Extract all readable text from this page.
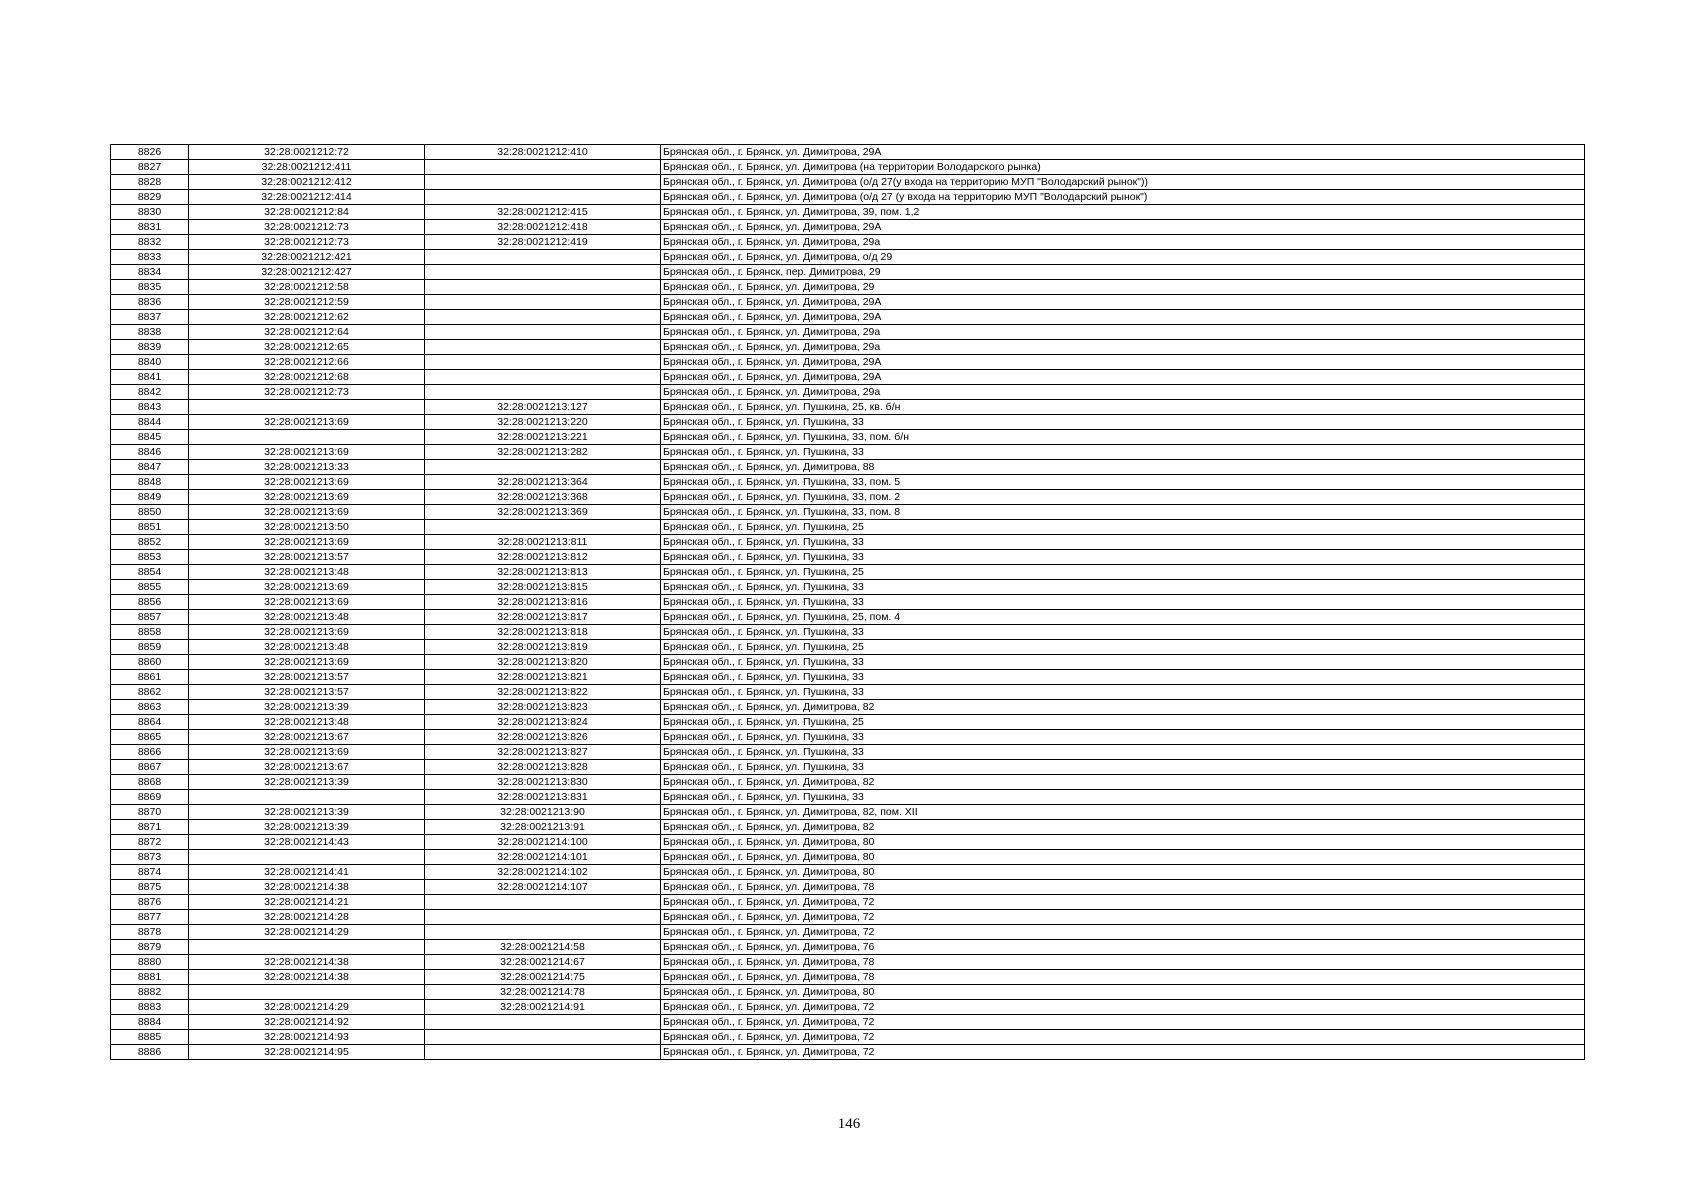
8826	32:28:0021212:72	32:28:0021212:410	Брянская обл., г. Брянск, ул. Димитрова, 29А
8827	32:28:0021212:411		Брянская обл., г. Брянск, ул. Димитрова (на территории Володарского рынка)
8828	32:28:0021212:412		Брянская обл., г. Брянск, ул. Димитрова (о/д 27(у входа на территорию МУП "Володарский рынок"))
8829	32:28:0021212:414		Брянская обл., г. Брянск, ул. Димитрова (о/д 27 (у входа на территорию МУП "Володарский рынок")
8830	32:28:0021212:84	32:28:0021212:415	Брянская обл., г. Брянск, ул. Димитрова, 39, пом. 1,2
8831	32:28:0021212:73	32:28:0021212:418	Брянская обл., г. Брянск, ул. Димитрова, 29А
8832	32:28:0021212:73	32:28:0021212:419	Брянская обл., г. Брянск, ул. Димитрова, 29а
8833	32:28:0021212:421		Брянская обл., г. Брянск, ул. Димитрова, о/д 29
8834	32:28:0021212:427		Брянская обл., г. Брянск, пер. Димитрова, 29
8835	32:28:0021212:58		Брянская обл., г. Брянск, ул. Димитрова, 29
8836	32:28:0021212:59		Брянская обл., г. Брянск, ул. Димитрова, 29А
8837	32:28:0021212:62		Брянская обл., г. Брянск, ул. Димитрова, 29А
8838	32:28:0021212:64		Брянская обл., г. Брянск, ул. Димитрова, 29а
8839	32:28:0021212:65		Брянская обл., г. Брянск, ул. Димитрова, 29а
8840	32:28:0021212:66		Брянская обл., г. Брянск, ул. Димитрова, 29А
8841	32:28:0021212:68		Брянская обл., г. Брянск, ул. Димитрова, 29А
8842	32:28:0021212:73		Брянская обл., г. Брянск, ул. Димитрова, 29а
8843		32:28:0021213:127	Брянская обл., г. Брянск, ул. Пушкина, 25, кв. б/н
8844	32:28:0021213:69	32:28:0021213:220	Брянская обл., г. Брянск, ул. Пушкина, 33
8845		32:28:0021213:221	Брянская обл., г. Брянск, ул. Пушкина, 33, пом. б/н
8846	32:28:0021213:69	32:28:0021213:282	Брянская обл., г. Брянск, ул. Пушкина, 33
8847	32:28:0021213:33		Брянская обл., г. Брянск, ул. Димитрова, 88
8848	32:28:0021213:69	32:28:0021213:364	Брянская обл., г. Брянск, ул. Пушкина, 33, пом. 5
8849	32:28:0021213:69	32:28:0021213:368	Брянская обл., г. Брянск, ул. Пушкина, 33, пом. 2
8850	32:28:0021213:69	32:28:0021213:369	Брянская обл., г. Брянск, ул. Пушкина, 33, пом. 8
8851	32:28:0021213:50		Брянская обл., г. Брянск, ул. Пушкина, 25
8852	32:28:0021213:69	32:28:0021213:811	Брянская обл., г. Брянск, ул. Пушкина, 33
8853	32:28:0021213:57	32:28:0021213:812	Брянская обл., г. Брянск, ул. Пушкина, 33
8854	32:28:0021213:48	32:28:0021213:813	Брянская обл., г. Брянск, ул. Пушкина, 25
8855	32:28:0021213:69	32:28:0021213:815	Брянская обл., г. Брянск, ул. Пушкина, 33
8856	32:28:0021213:69	32:28:0021213:816	Брянская обл., г. Брянск, ул. Пушкина, 33
8857	32:28:0021213:48	32:28:0021213:817	Брянская обл., г. Брянск, ул. Пушкина, 25, пом. 4
8858	32:28:0021213:69	32:28:0021213:818	Брянская обл., г. Брянск, ул. Пушкина, 33
8859	32:28:0021213:48	32:28:0021213:819	Брянская обл., г. Брянск, ул. Пушкина, 25
8860	32:28:0021213:69	32:28:0021213:820	Брянская обл., г. Брянск, ул. Пушкина, 33
8861	32:28:0021213:57	32:28:0021213:821	Брянская обл., г. Брянск, ул. Пушкина, 33
8862	32:28:0021213:57	32:28:0021213:822	Брянская обл., г. Брянск, ул. Пушкина, 33
8863	32:28:0021213:39	32:28:0021213:823	Брянская обл., г. Брянск, ул. Димитрова, 82
8864	32:28:0021213:48	32:28:0021213:824	Брянская обл., г. Брянск, ул. Пушкина, 25
8865	32:28:0021213:67	32:28:0021213:826	Брянская обл., г. Брянск, ул. Пушкина, 33
8866	32:28:0021213:69	32:28:0021213:827	Брянская обл., г. Брянск, ул. Пушкина, 33
8867	32:28:0021213:67	32:28:0021213:828	Брянская обл., г. Брянск, ул. Пушкина, 33
8868	32:28:0021213:39	32:28:0021213:830	Брянская обл., г. Брянск, ул. Димитрова, 82
8869		32:28:0021213:831	Брянская обл., г. Брянск, ул. Пушкина, 33
8870	32:28:0021213:39	32:28:0021213:90	Брянская обл., г. Брянск, ул. Димитрова, 82, пом. XII
8871	32:28:0021213:39	32:28:0021213:91	Брянская обл., г. Брянск, ул. Димитрова, 82
8872	32:28:0021214:43	32:28:0021214:100	Брянская обл., г. Брянск, ул. Димитрова, 80
8873		32:28:0021214:101	Брянская обл., г. Брянск, ул. Димитрова, 80
8874	32:28:0021214:41	32:28:0021214:102	Брянская обл., г. Брянск, ул. Димитрова, 80
8875	32:28:0021214:38	32:28:0021214:107	Брянская обл., г. Брянск, ул. Димитрова, 78
8876	32:28:0021214:21		Брянская обл., г. Брянск, ул. Димитрова, 72
8877	32:28:0021214:28		Брянская обл., г. Брянск, ул. Димитрова, 72
8878	32:28:0021214:29		Брянская обл., г. Брянск, ул. Димитрова, 72
8879		32:28:0021214:58	Брянская обл., г. Брянск, ул. Димитрова, 76
8880	32:28:0021214:38	32:28:0021214:67	Брянская обл., г. Брянск, ул. Димитрова, 78
8881	32:28:0021214:38	32:28:0021214:75	Брянская обл., г. Брянск, ул. Димитрова, 78
8882		32:28:0021214:78	Брянская обл., г. Брянск, ул. Димитрова, 80
8883	32:28:0021214:29	32:28:0021214:91	Брянская обл., г. Брянск, ул. Димитрова, 72
8884	32:28:0021214:92		Брянская обл., г. Брянск, ул. Димитрова, 72
8885	32:28:0021214:93		Брянская обл., г. Брянск, ул. Димитрова, 72
8886	32:28:0021214:95		Брянская обл., г. Брянск, ул. Димитрова, 72
146
